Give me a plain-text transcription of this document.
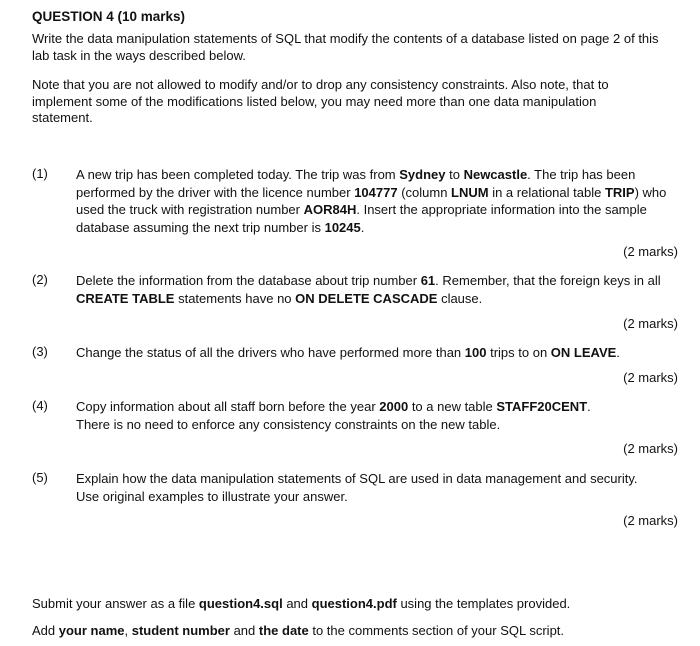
QUESTION 4 (10 marks)
Write the data manipulation statements of SQL that modify the contents of a database listed on page 2 of this lab task in the ways described below.
Note that you are not allowed to modify and/or to drop any consistency constraints. Also note, that to implement some of the modifications listed below, you may need more than one data manipulation statement.
(1) A new trip has been completed today. The trip was from Sydney to Newcastle. The trip has been performed by the driver with the licence number 104777 (column LNUM in a relational table TRIP) who used the truck with registration number AOR84H. Insert the appropriate information into the sample database assuming the next trip number is 10245.
(2 marks)
(2) Delete the information from the database about trip number 61. Remember, that the foreign keys in all CREATE TABLE statements have no ON DELETE CASCADE clause.
(2 marks)
(3) Change the status of all the drivers who have performed more than 100 trips to on ON LEAVE.
(2 marks)
(4) Copy information about all staff born before the year 2000 to a new table STAFF20CENT.
There is no need to enforce any consistency constraints on the new table.
(2 marks)
(5) Explain how the data manipulation statements of SQL are used in data management and security.
Use original examples to illustrate your answer.
(2 marks)
Submit your answer as a file question4.sql and question4.pdf using the templates provided.
Add your name, student number and the date to the comments section of your SQL script.
